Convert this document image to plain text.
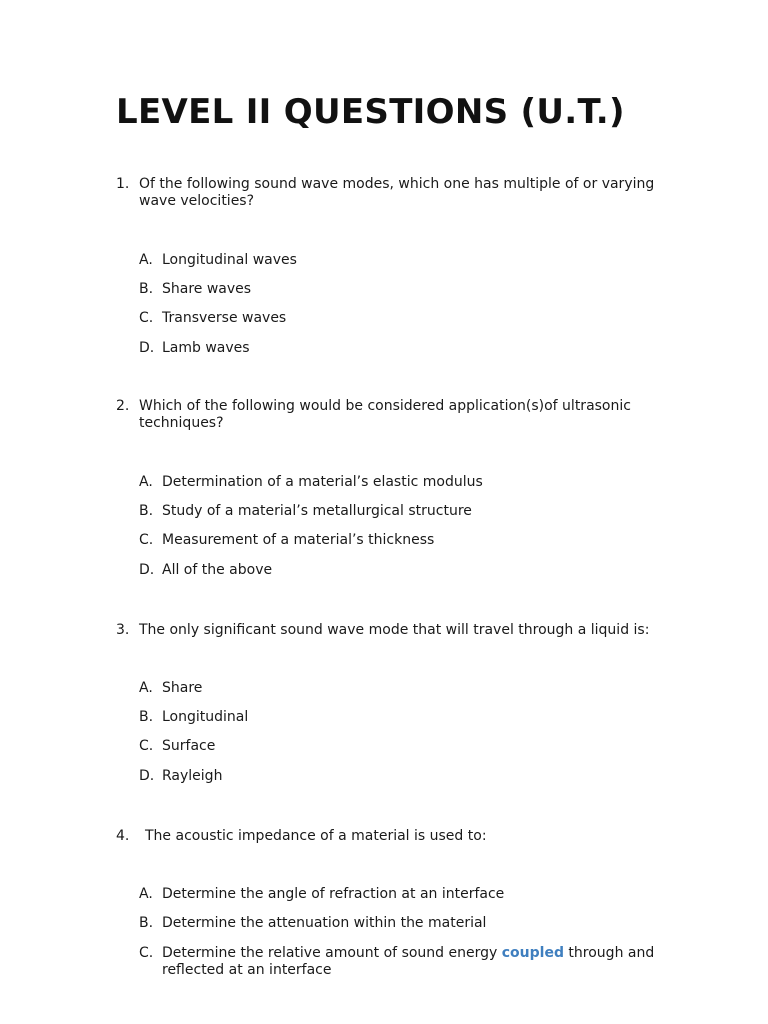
LEVEL II QUESTIONS (U.T.)
1. Of the following sound wave modes, which one has multiple of or varying wave velocities?
A. Longitudinal waves
B. Share waves
C. Transverse waves
D. Lamb waves
2. Which of the following would be considered application(s)of ultrasonic techniques?
A. Determination of a material’s elastic modulus
B. Study of a material’s metallurgical structure
C. Measurement of a material’s thickness
D. All of the above
3. The only significant sound wave mode that will travel through a liquid is:
A. Share
B. Longitudinal
C. Surface
D. Rayleigh
4. The acoustic impedance of a material is used to:
A. Determine the angle of refraction at an interface
B. Determine the attenuation within the material
C. Determine the relative amount of sound energy coupled through and reflected at an interface
